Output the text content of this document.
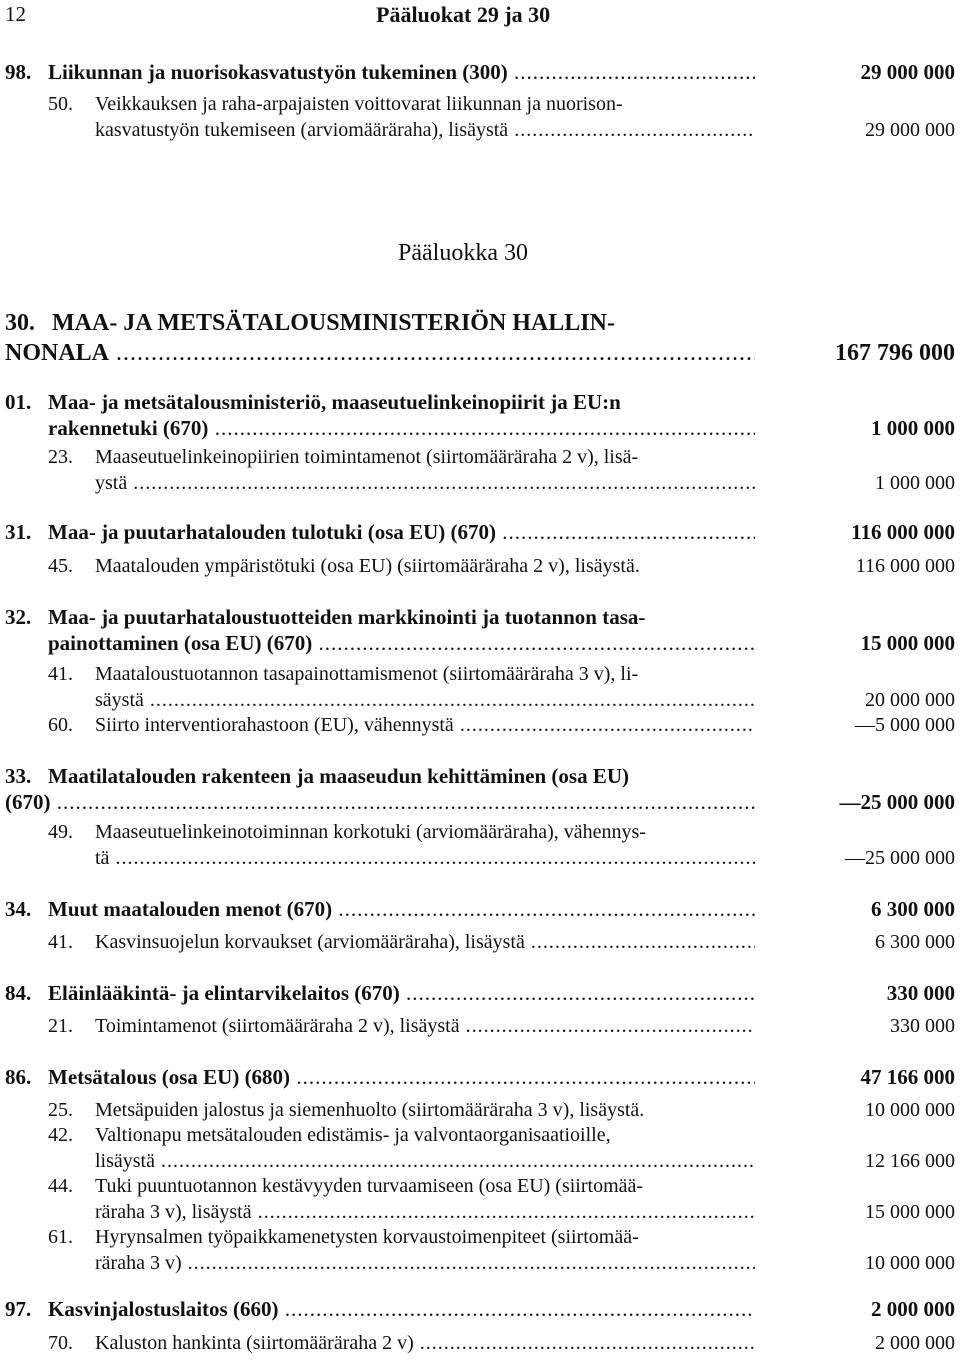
12	Pääluokat 29 ja 30
98. Liikunnan ja nuorisokasvatustyön tukeminen (300) .....	29 000 000
50. Veikkauksen ja raha-arpajaisten voittovarat liikunnan ja nuorison-
kasvatustyön tukemiseen (arviomääräraha), lisäystä .....	29 000 000
Pääluokka 30
30. MAA- JA METSÄTALOUSMINISTERIÖN HALLIN-
NONALA .....	167 796 000
01. Maa- ja metsätalousministeriö, maaseutuelinkeinopiirit ja EU:n
rakennetuki (670) .....	1 000 000
23. Maaseutuelinkeinopiirien toimintamenot (siirtomääräraha 2 v), lisä-
ystä .....	1 000 000
31. Maa- ja puutarhatalouden tulotuki (osa EU) (670) .....	116 000 000
45. Maatalouden ympäristötuki (osa EU) (siirtomääräraha 2 v), lisäystä.	116 000 000
32. Maa- ja puutarhataloustuotteiden markkinointi ja tuotannon tasa-
painottaminen (osa EU) (670) .....	15 000 000
41. Maataloustuotannon tasapainottamismenot (siirtomääräraha 3 v), li-
säystä .....	20 000 000
60. Siirto interventiorahastoon (EU), vähennystä .....	—5 000 000
33. Maatilatalouden rakenteen ja maaseudun kehittäminen (osa EU)
(670) .....	—25 000 000
49. Maaseutuelinkeinotoiminnan korkotuki (arviomääräraha), vähennys-
tä .....	—25 000 000
34. Muut maatalouden menot (670) .....	6 300 000
41. Kasvinsuojelun korvaukset (arviomääräraha), lisäystä .....	6 300 000
84. Eläinlääkintä- ja elintarvikelaitos (670) .....	330 000
21. Toimintamenot (siirtomääräraha 2 v), lisäystä .....	330 000
86. Metsätalous (osa EU) (680) .....	47 166 000
25. Metsäpuiden jalostus ja siemenhuolto (siirtomääräraha 3 v), lisäystä.	10 000 000
42. Valtionapu metsätalouden edistämis- ja valvontaorganisaatioille,
lisäystä .....	12 166 000
44. Tuki puuntuotannon kestävyyden turvaamiseen (osa EU) (siirtomää-
räraha 3 v), lisäystä .....	15 000 000
61. Hyrynsalmen työpaikkamenetysten korvaustoimenpiteet (siirtomää-
räraha 3 v) .....	10 000 000
97. Kasvinjalostuslaitos (660) .....	2 000 000
70. Kaluston hankinta (siirtomääräraha 2 v) .....	2 000 000
